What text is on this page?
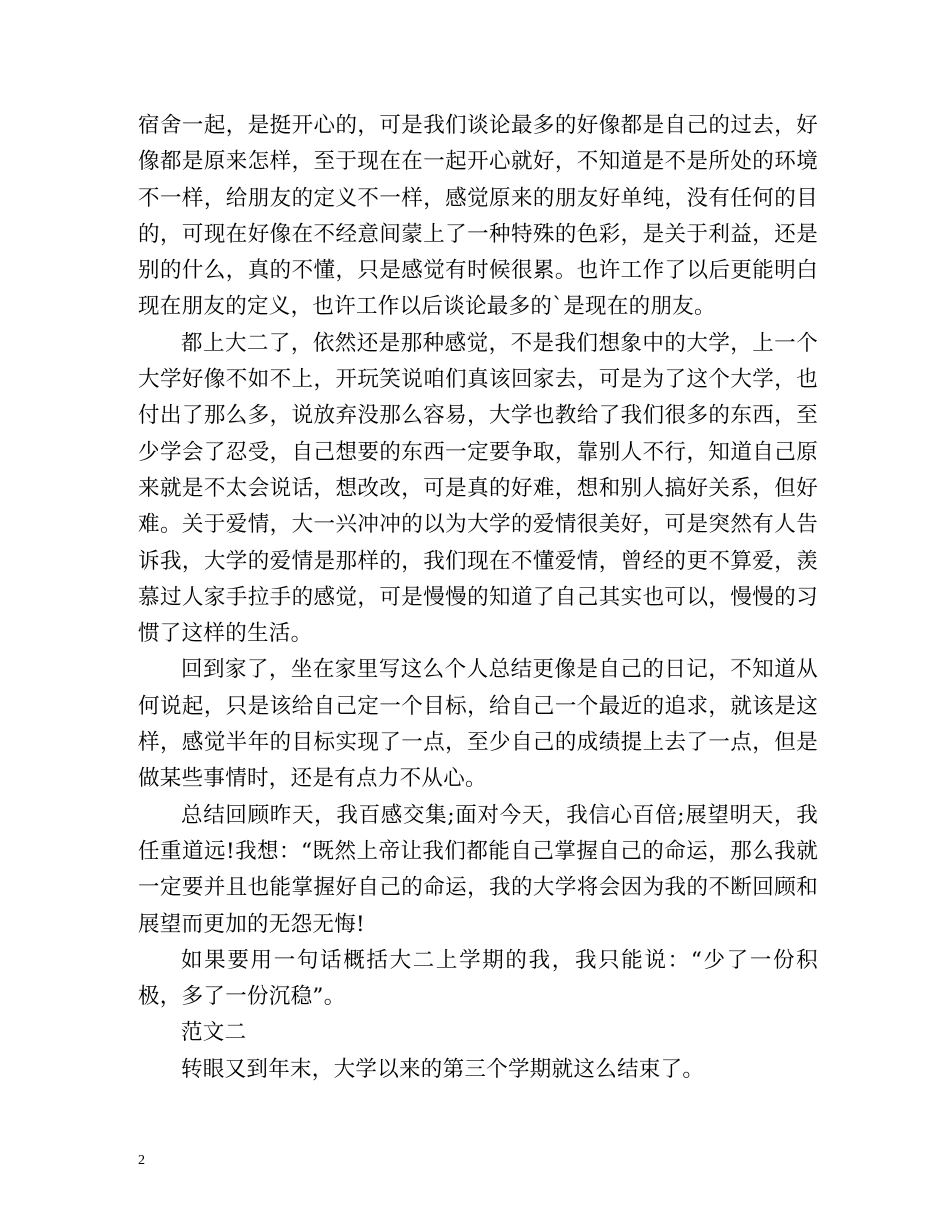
宿舍一起，是挺开心的，可是我们谈论最多的好像都是自己的过去，好像都是原来怎样，至于现在在一起开心就好，不知道是不是所处的环境不一样，给朋友的定义不一样，感觉原来的朋友好单纯，没有任何的目的，可现在好像在不经意间蒙上了一种特殊的色彩，是关于利益，还是别的什么，真的不懂，只是感觉有时候很累。也许工作了以后更能明白现在朋友的定义，也许工作以后谈论最多的`是现在的朋友。

都上大二了，依然还是那种感觉，不是我们想象中的大学，上一个大学好像不如不上，开玩笑说咱们真该回家去，可是为了这个大学，也付出了那么多，说放弃没那么容易，大学也教给了我们很多的东西，至少学会了忍受，自己想要的东西一定要争取，靠别人不行，知道自己原来就是不太会说话，想改改，可是真的好难，想和别人搞好关系，但好难。关于爱情，大一兴冲冲的以为大学的爱情很美好，可是突然有人告诉我，大学的爱情是那样的，我们现在不懂爱情，曾经的更不算爱，羡慕过人家手拉手的感觉，可是慢慢的知道了自己其实也可以，慢慢的习惯了这样的生活。

回到家了，坐在家里写这么个人总结更像是自己的日记，不知道从何说起，只是该给自己定一个目标，给自己一个最近的追求，就该是这样，感觉半年的目标实现了一点，至少自己的成绩提上去了一点，但是做某些事情时，还是有点力不从心。

总结回顾昨天，我百感交集;面对今天，我信心百倍;展望明天，我任重道远!我想：“既然上帝让我们都能自己掌握自己的命运，那么我就一定要并且也能掌握好自己的命运，我的大学将会因为我的不断回顾和展望而更加的无怨无悔!

如果要用一句话概括大二上学期的我，我只能说：“少了一份积极，多了一份沉稳”。

范文二

转眼又到年末，大学以来的第三个学期就这么结束了。

2
